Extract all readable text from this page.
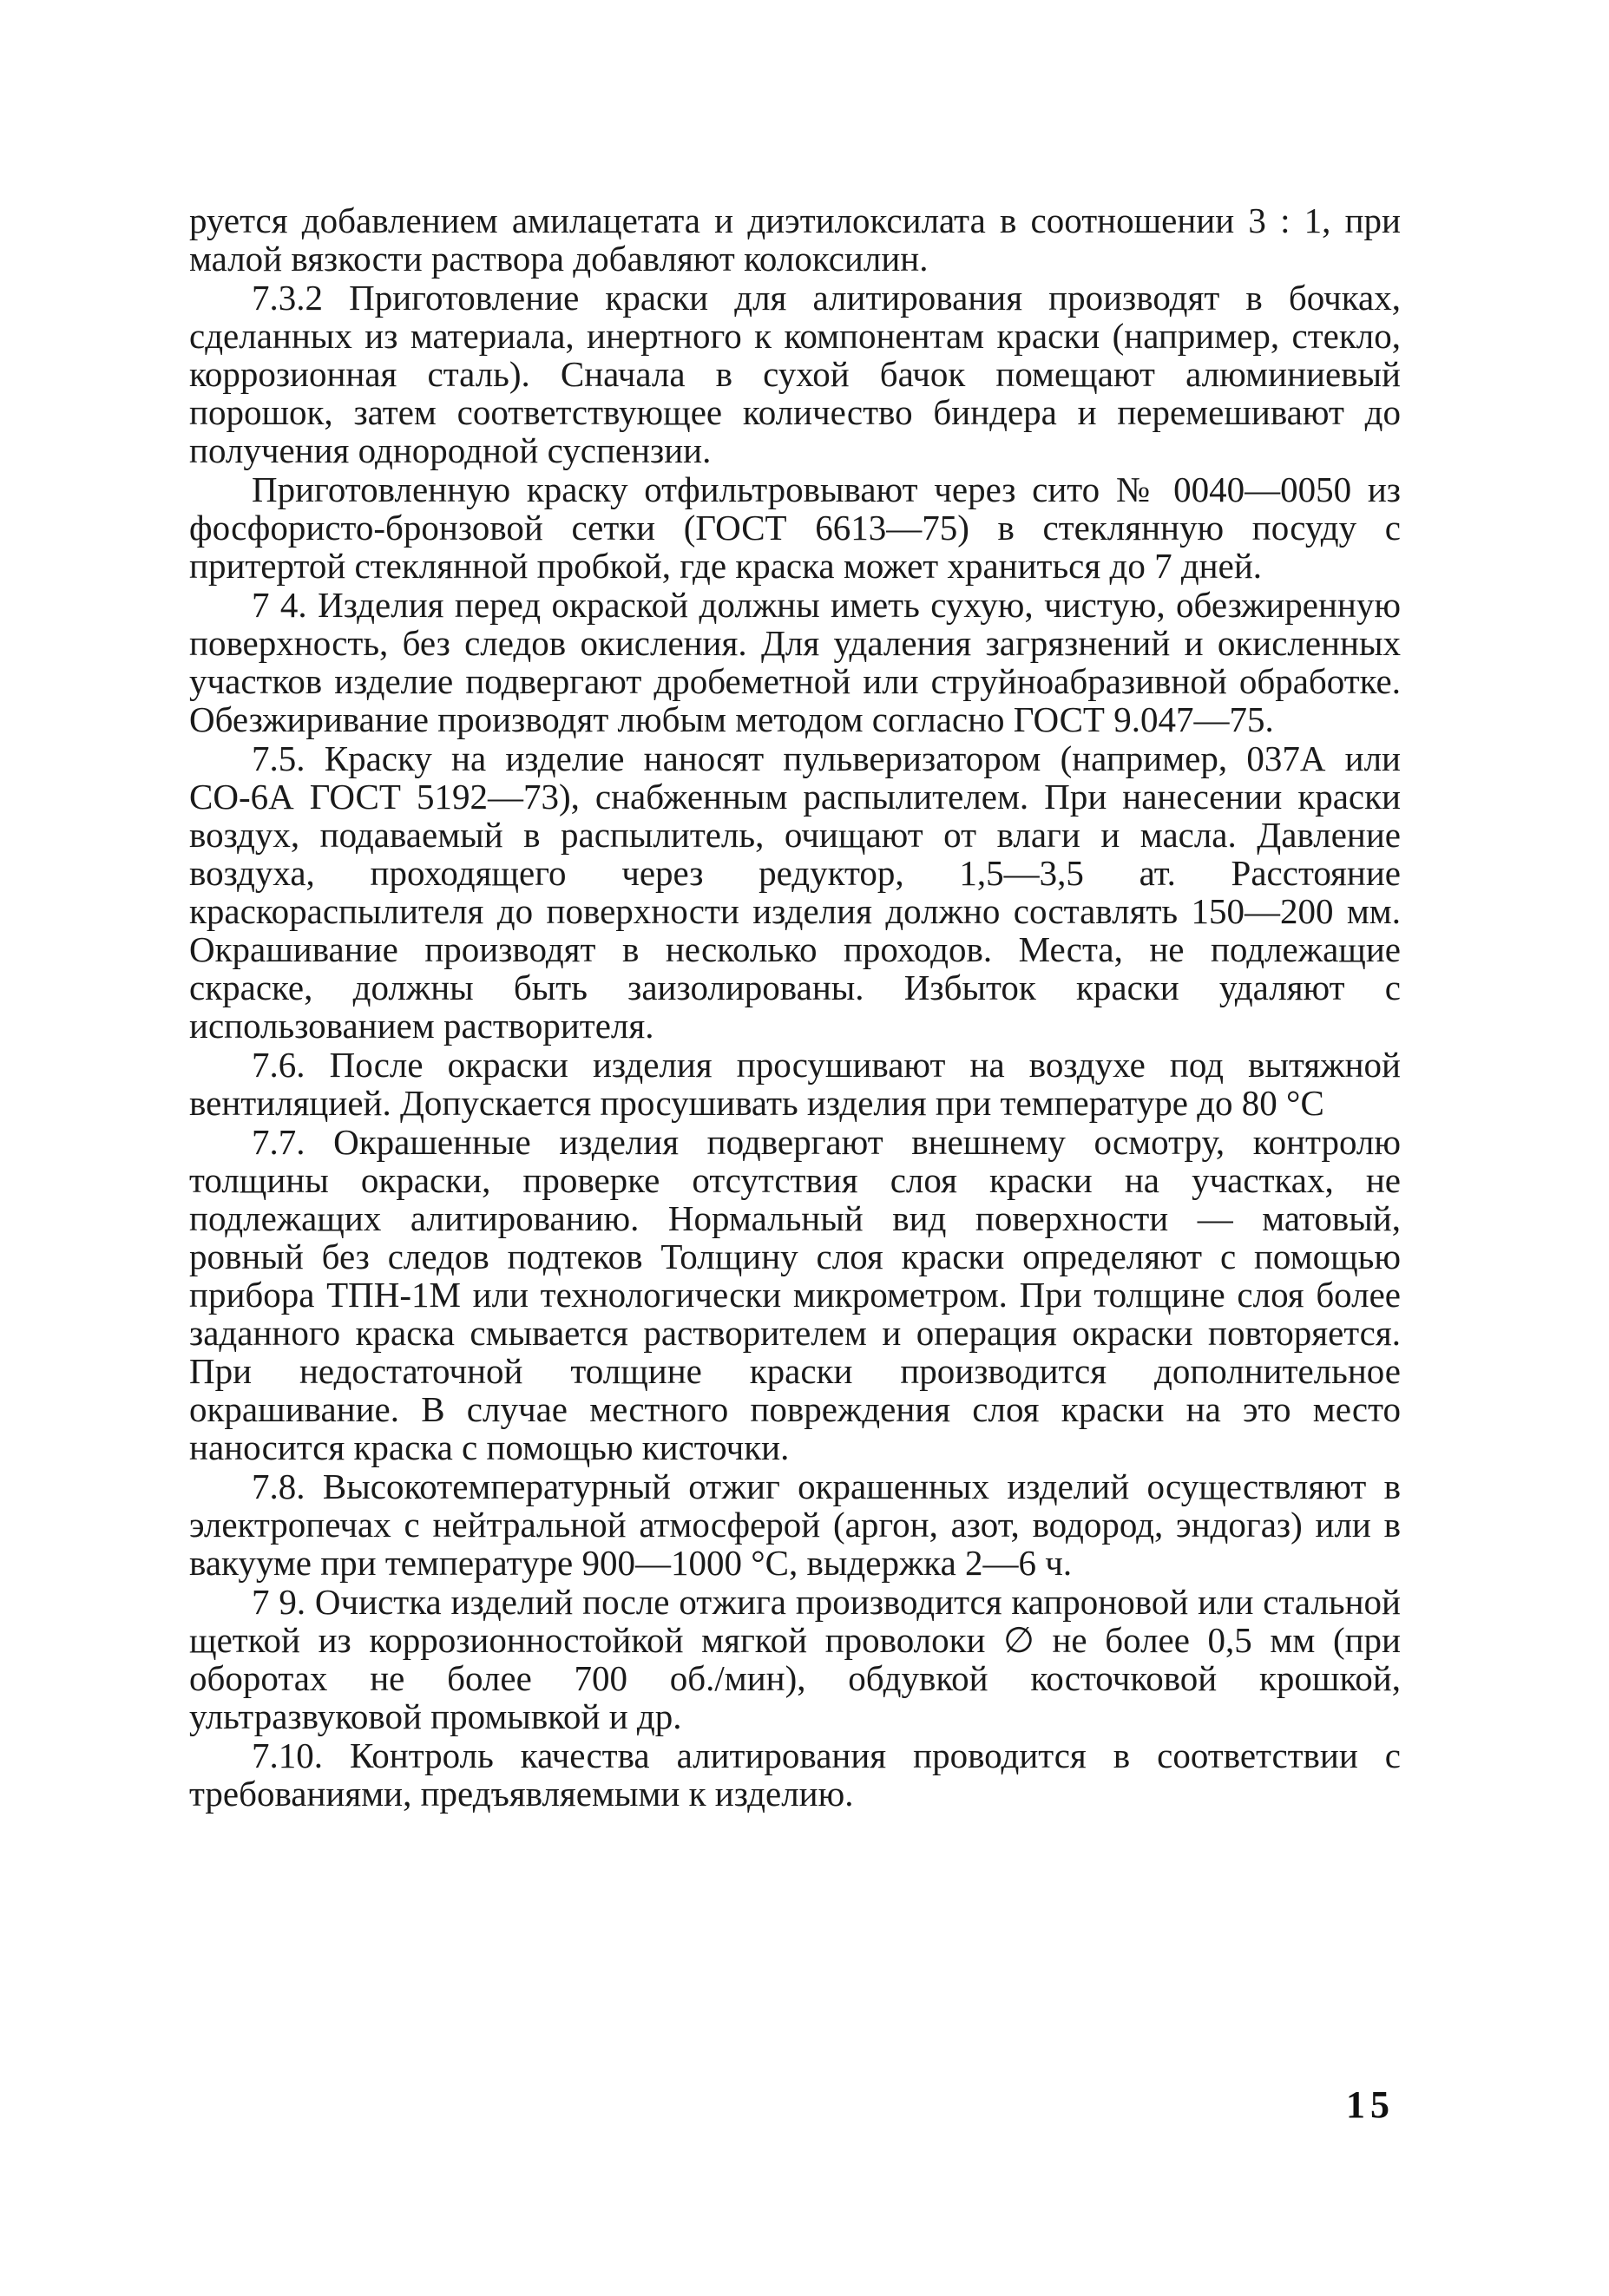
руется добавлением амилацетата и диэтилоксилата в соотношении 3 : 1, при малой вязкости раствора добавляют колоксилин.

7.3.2 Приготовление краски для алитирования производят в бочках, сделанных из материала, инертного к компонентам краски (например, стекло, коррозионная сталь). Сначала в сухой бачок помещают алюминиевый порошок, затем соответствующее количество биндера и перемешивают до получения однородной суспензии.

Приготовленную краску отфильтровывают через сито № 0040—0050 из фосфористо-бронзовой сетки (ГОСТ 6613—75) в стеклянную посуду с притертой стеклянной пробкой, где краска может храниться до 7 дней.

7 4. Изделия перед окраской должны иметь сухую, чистую, обезжиренную поверхность, без следов окисления. Для удаления загрязнений и окисленных участков изделие подвергают дробеметной или струйноабразивной обработке. Обезжиривание производят любым методом согласно ГОСТ 9.047—75.

7.5. Краску на изделие наносят пульверизатором (например, 037А или СО-6А ГОСТ 5192—73), снабженным распылителем. При нанесении краски воздух, подаваемый в распылитель, очищают от влаги и масла. Давление воздуха, проходящего через редуктор, 1,5—3,5 ат. Расстояние краскораспылителя до поверхности изделия должно составлять 150—200 мм. Окрашивание производят в несколько проходов. Места, не подлежащие скраске, должны быть заизолированы. Избыток краски удаляют с использованием растворителя.

7.6. После окраски изделия просушивают на воздухе под вытяжной вентиляцией. Допускается просушивать изделия при температуре до 80 °С

7.7. Окрашенные изделия подвергают внешнему осмотру, контролю толщины окраски, проверке отсутствия слоя краски на участках, не подлежащих алитированию. Нормальный вид поверхности — матовый, ровный без следов подтеков Толщину слоя краски определяют с помощью прибора ТПН-1М или технологически микрометром. При толщине слоя более заданного краска смывается растворителем и операция окраски повторяется. При недостаточной толщине краски производится дополнительное окрашивание. В случае местного повреждения слоя краски на это место наносится краска с помощью кисточки.

7.8. Высокотемпературный отжиг окрашенных изделий осуществляют в электропечах с нейтральной атмосферой (аргон, азот, водород, эндогаз) или в вакууме при температуре 900—1000 °С, выдержка 2—6 ч.

7 9. Очистка изделий после отжига производится капроновой или стальной щеткой из коррозионностойкой мягкой проволоки ∅ не более 0,5 мм (при оборотах не более 700 об./мин), обдувкой косточковой крошкой, ультразвуковой промывкой и др.

7.10. Контроль качества алитирования проводится в соответствии с требованиями, предъявляемыми к изделию.

15
